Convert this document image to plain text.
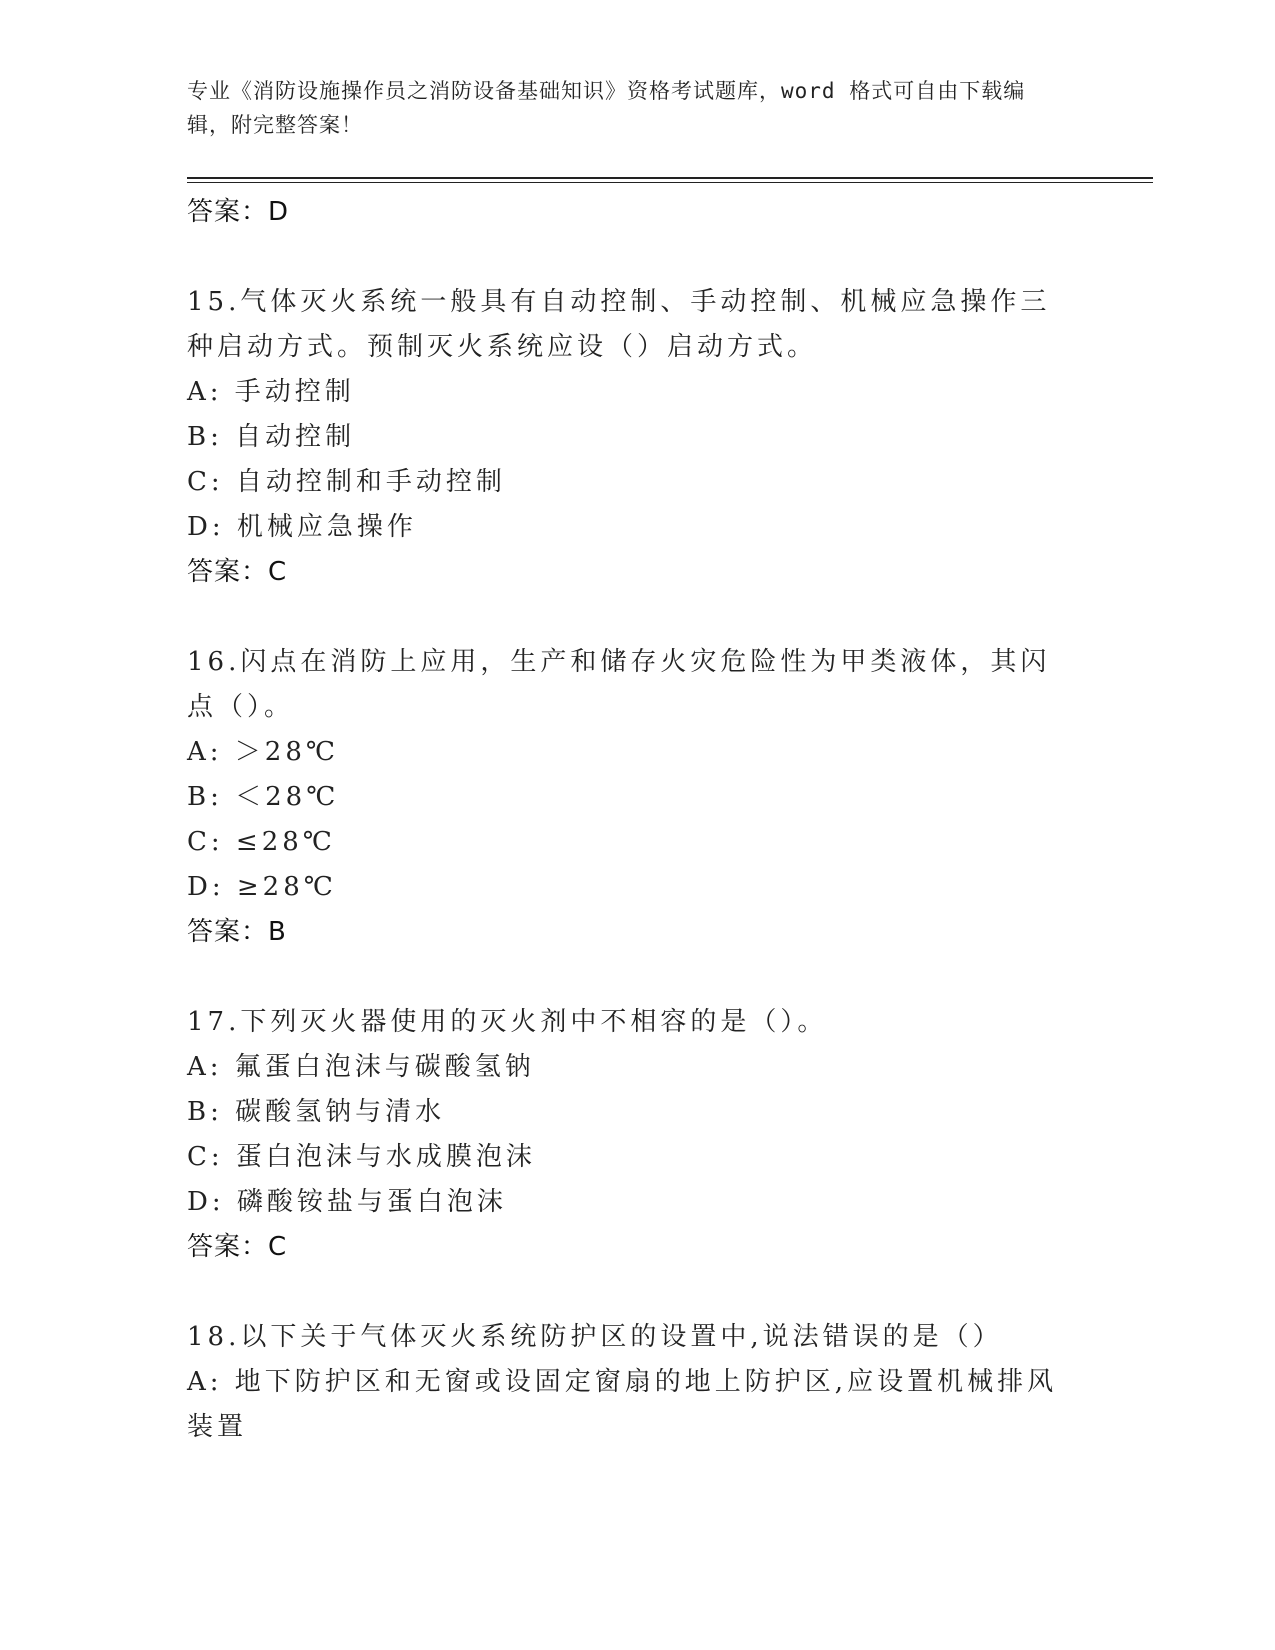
专业《消防设施操作员之消防设备基础知识》资格考试题库，word 格式可自由下载编辑，附完整答案！
答案：D
15.气体灭火系统一般具有自动控制、手动控制、机械应急操作三种启动方式。预制灭火系统应设（）启动方式。
A: 手动控制
B: 自动控制
C: 自动控制和手动控制
D: 机械应急操作
答案：C
16.闪点在消防上应用，生产和储存火灾危险性为甲类液体，其闪点（）。
A: ＞28℃
B: ＜28℃
C: ≤28℃
D: ≥28℃
答案：B
17.下列灭火器使用的灭火剂中不相容的是（）。
A: 氟蛋白泡沫与碳酸氢钠
B: 碳酸氢钠与清水
C: 蛋白泡沫与水成膜泡沫
D: 磷酸铵盐与蛋白泡沫
答案：C
18.以下关于气体灭火系统防护区的设置中,说法错误的是（）
A: 地下防护区和无窗或设固定窗扇的地上防护区,应设置机械排风装置
